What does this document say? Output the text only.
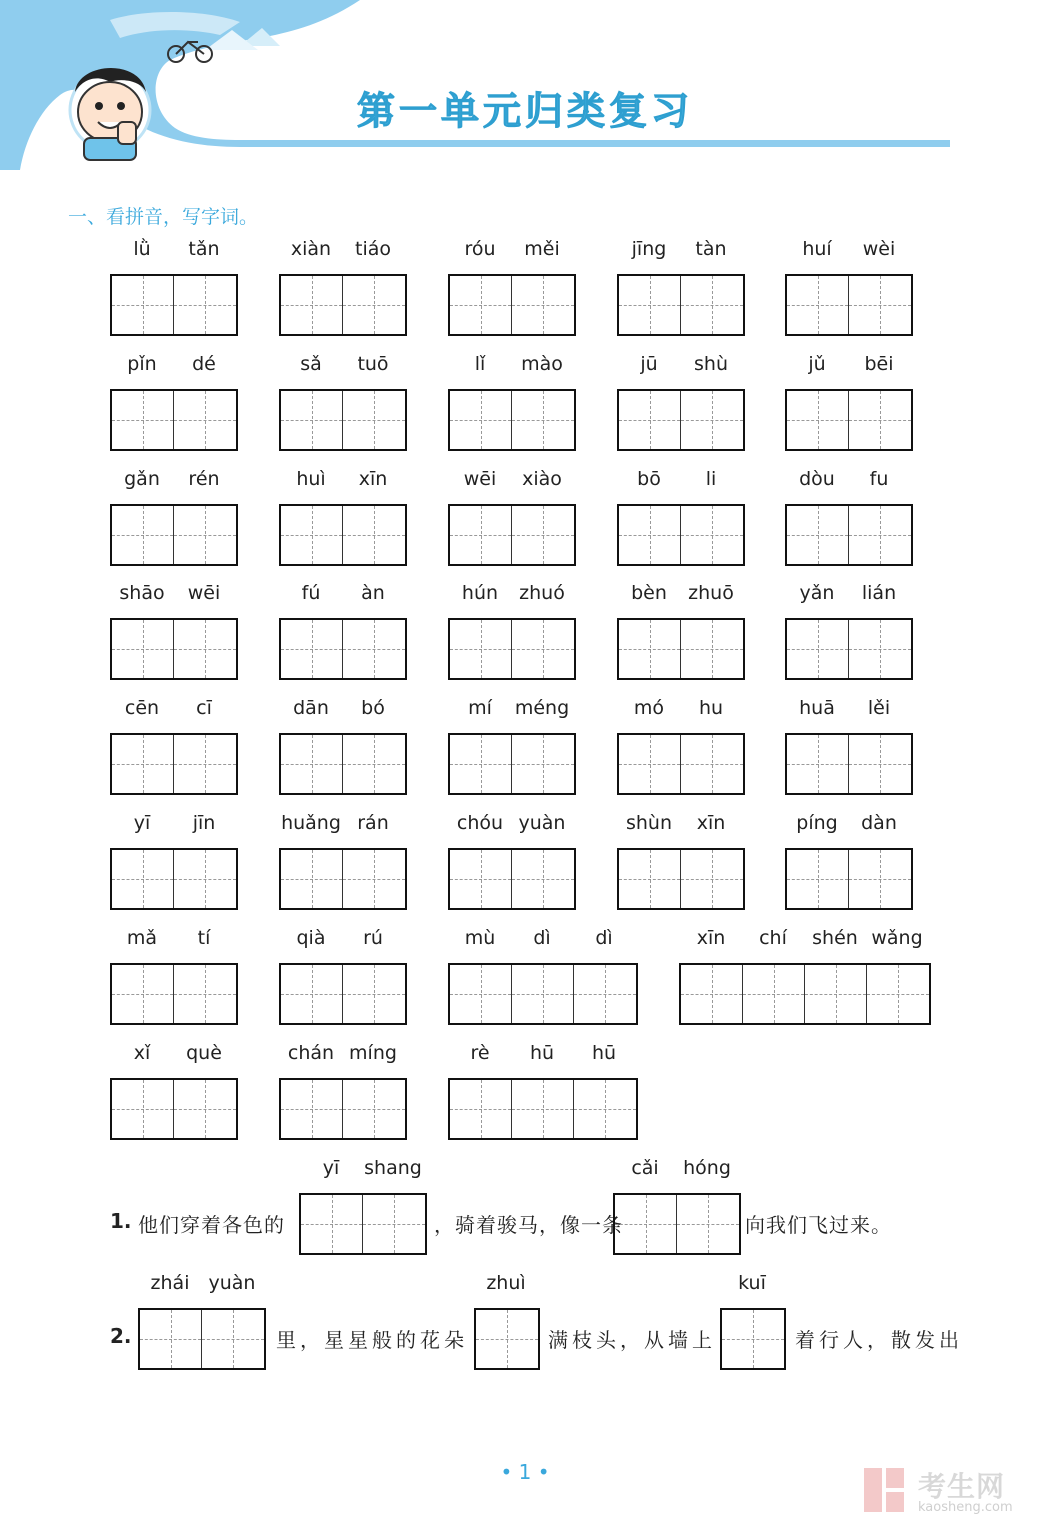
第一单元归类复习
一、看拼音，写字词。
lǜ	tǎn	xiàn	tiáo	róu	měi	jīng	tàn	huí	wèi
pǐn	dé	sǎ	tuō	lǐ	mào	jū	shù	jǔ	bēi
gǎn	rén	huì	xīn	wēi	xiào	bō	li	dòu	fu
shāo	wēi	fú	àn	hún	zhuó	bèn	zhuō	yǎn	lián
cēn	cī	dān	bó	mí	méng	mó	hu	huā	lěi
yī	jīn	huǎng rán	chóu yuàn	shùn	xīn	píng	dàn
mǎ	tí	qià	rú	mù	dì	dì	xīn	chí	shén wǎng
xǐ	què	chán míng	rè	hū	hū
1. 他们穿着各色的	，骑着骏马，像一条	向我们飞过来。
yī	shang	cǎi	hóng
2.	里，星星般的花朵	满枝头，从墙上	着行人，散发出
zhái	yuàn	zhuì	kuī
• 1 •	考生网
kaosheng.com
